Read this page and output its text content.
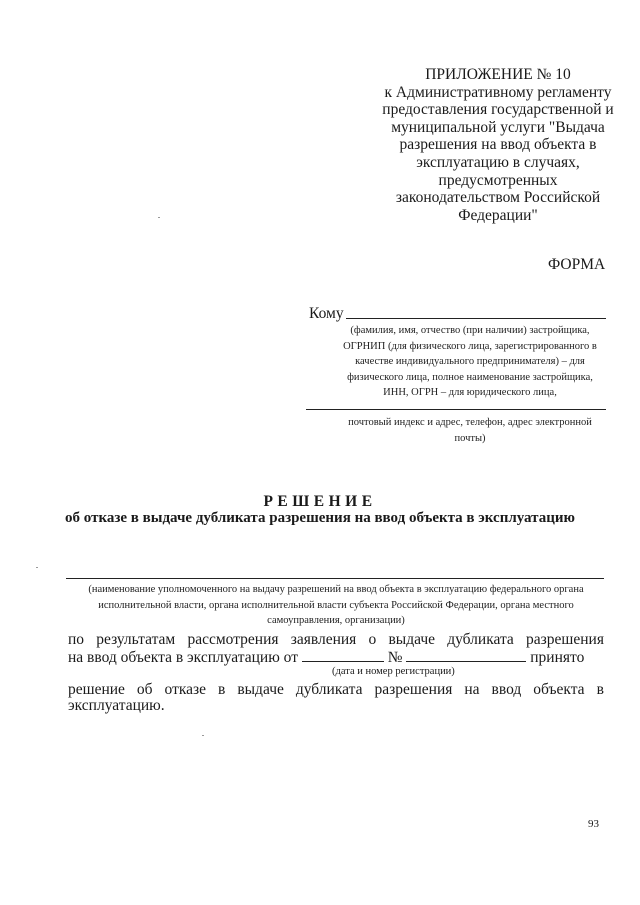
ПРИЛОЖЕНИЕ № 10
к Административному регламенту
предоставления государственной и
муниципальной услуги "Выдача
разрешения на ввод объекта в
эксплуатацию в случаях,
предусмотренных
законодательством Российской
Федерации"
ФОРМА
Кому
(фамилия, имя, отчество (при наличии) застройщика,
ОГРНИП (для физического лица, зарегистрированного в
качестве индивидуального предпринимателя) – для
физического лица, полное наименование застройщика,
ИНН, ОГРН – для юридического лица,
почтовый индекс и адрес, телефон, адрес электронной
почты)
РЕШЕНИЕ
об отказе в выдаче дубликата разрешения на ввод объекта в эксплуатацию
(наименование уполномоченного на выдачу разрешений на ввод объекта в эксплуатацию федерального органа
исполнительной власти, органа исполнительной власти субъекта Российской Федерации, органа местного
самоуправления, организации)
по результатам рассмотрения заявления о выдаче дубликата разрешения
на ввод объекта в эксплуатацию от	№	принято
(дата и номер регистрации)
решение об отказе в выдаче дубликата разрешения на ввод объекта в
эксплуатацию.
93
